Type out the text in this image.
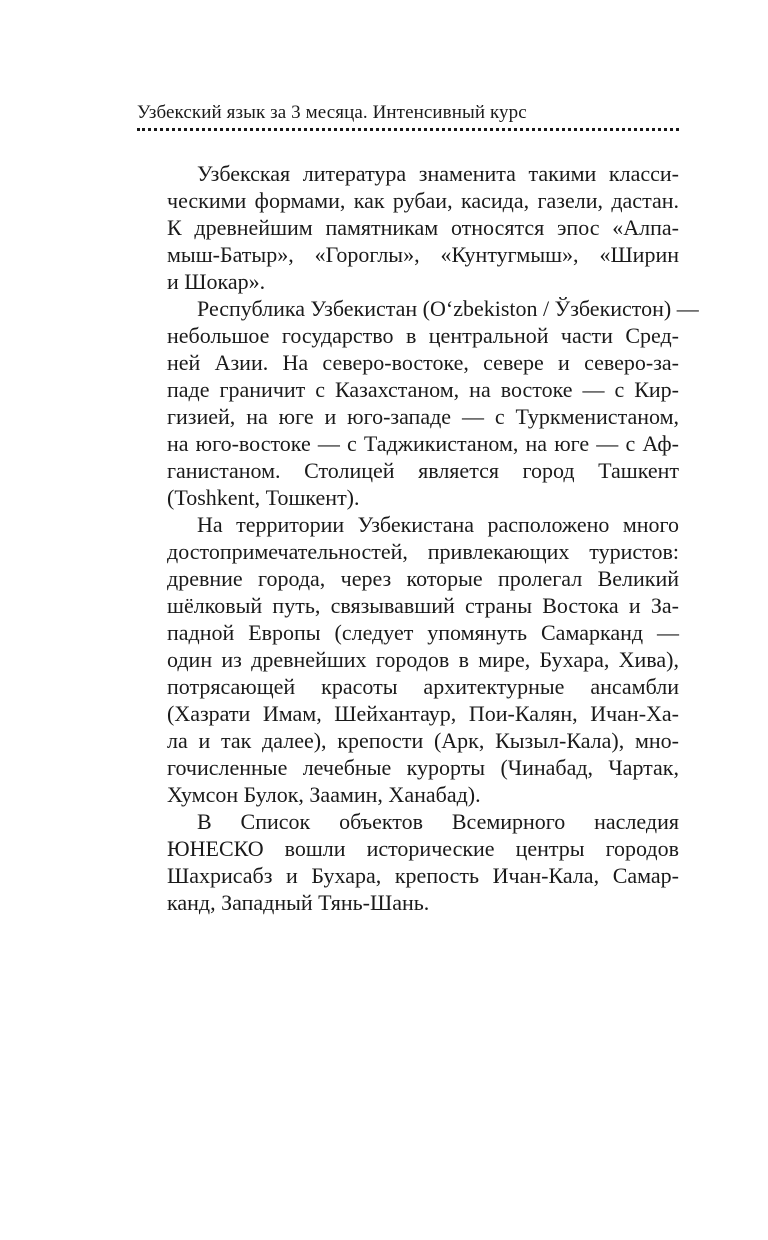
Узбекский язык за 3 месяца. Интенсивный курс
Узбекская литература знаменита такими класси-
ческими формами, как рубаи, касида, газели, дастан.
К древнейшим памятникам относятся эпос «Алпа-
мыш-Батыр», «Гороглы», «Кунтугмыш», «Ширин
и Шокар».
Республика Узбекистан (O‘zbekiston / Ўзбекистон) —
небольшое государство в центральной части Сред-
ней Азии. На северо-востоке, севере и северо-за-
паде граничит с Казахстаном, на востоке — с Кир-
гизией, на юге и юго-западе — с Туркменистаном,
на юго-востоке — с Таджикистаном, на юге — с Аф-
ганистаном. Столицей является город Ташкент
(Toshkent, Тошкент).
На территории Узбекистана расположено много
достопримечательностей, привлекающих туристов:
древние города, через которые пролегал Великий
шёлковый путь, связывавший страны Востока и За-
падной Европы (следует упомянуть Самарканд —
один из древнейших городов в мире, Бухара, Хива),
потрясающей красоты архитектурные ансамбли
(Хазрати Имам, Шейхантаур, Пои-Калян, Ичан-Ха-
ла и так далее), крепости (Арк, Кызыл-Кала), мно-
гочисленные лечебные курорты (Чинабад, Чартак,
Хумсон Булок, Заамин, Ханабад).
В Список объектов Всемирного наследия
ЮНЕСКО вошли исторические центры городов
Шахрисабз и Бухара, крепость Ичан-Кала, Самар-
канд, Западный Тянь-Шань.
